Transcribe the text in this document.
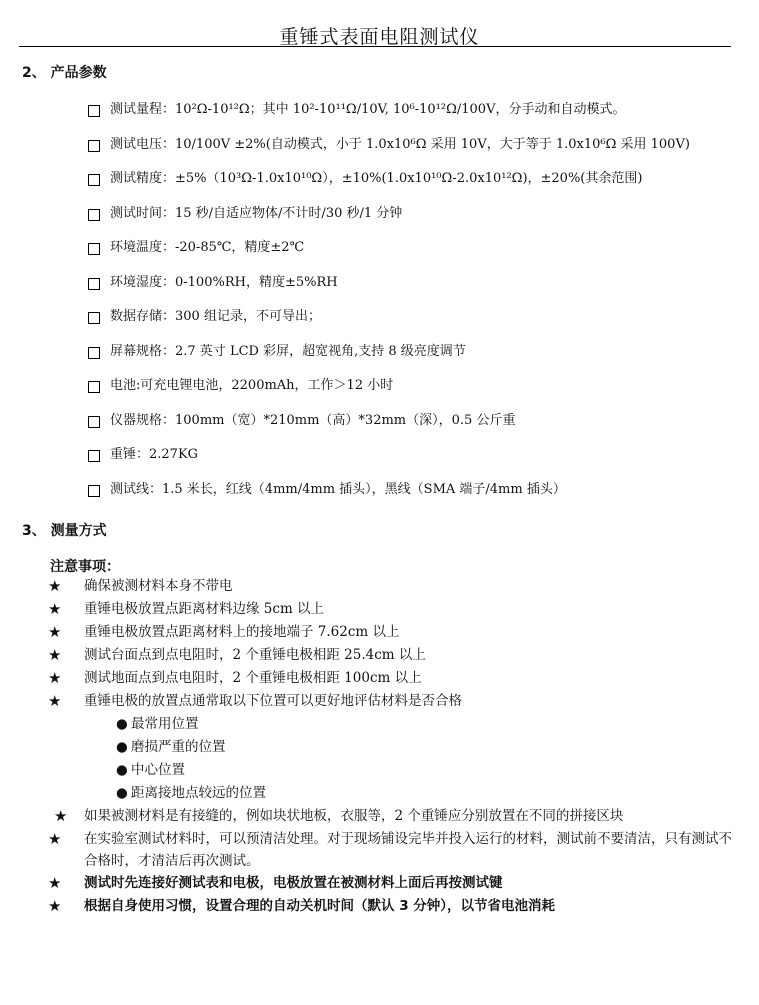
重锤式表面电阻测试仪
2、 产品参数
测试量程：10²Ω-10¹²Ω；其中 10²-10¹¹Ω/10V, 10⁶-10¹²Ω/100V，分手动和自动模式。
测试电压：10/100V ±2%(自动模式，小于 1.0x10⁶Ω 采用 10V，大于等于 1.0x10⁶Ω 采用 100V)
测试精度：±5%（10³Ω-1.0x10¹⁰Ω），±10%(1.0x10¹⁰Ω-2.0x10¹²Ω)，±20%(其余范围)
测试时间：15 秒/自适应物体/不计时/30 秒/1 分钟
环境温度：-20-85℃，精度±2℃
环境湿度：0-100%RH，精度±5%RH
数据存储：300 组记录，不可导出；
屏幕规格：2.7 英寸 LCD 彩屏，超宽视角,支持 8 级亮度调节
电池:可充电锂电池，2200mAh，工作＞12 小时
仪器规格：100mm（宽）*210mm（高）*32mm（深），0.5 公斤重
重锤：2.27KG
测试线：1.5 米长，红线（4mm/4mm 插头），黑线（SMA 端子/4mm 插头）
3、 测量方式
注意事项：
★	确保被测材料本身不带电
★	重锤电极放置点距离材料边缘 5cm 以上
★	重锤电极放置点距离材料上的接地端子 7.62cm 以上
★	测试台面点到点电阻时，2 个重锤电极相距 25.4cm 以上
★	测试地面点到点电阻时，2 个重锤电极相距 100cm 以上
★	重锤电极的放置点通常取以下位置可以更好地评估材料是否合格
● 最常用位置
● 磨损严重的位置
● 中心位置
● 距离接地点较远的位置
★	如果被测材料是有接缝的，例如块状地板，衣服等，2 个重锤应分别放置在不同的拼接区块
★	在实验室测试材料时，可以预清洁处理。对于现场铺设完毕并投入运行的材料，测试前不要清洁，只有测试不合格时，才清洁后再次测试。
★	测试时先连接好测试表和电极，电极放置在被测材料上面后再按测试键
★	根据自身使用习惯，设置合理的自动关机时间（默认 3 分钟），以节省电池消耗
